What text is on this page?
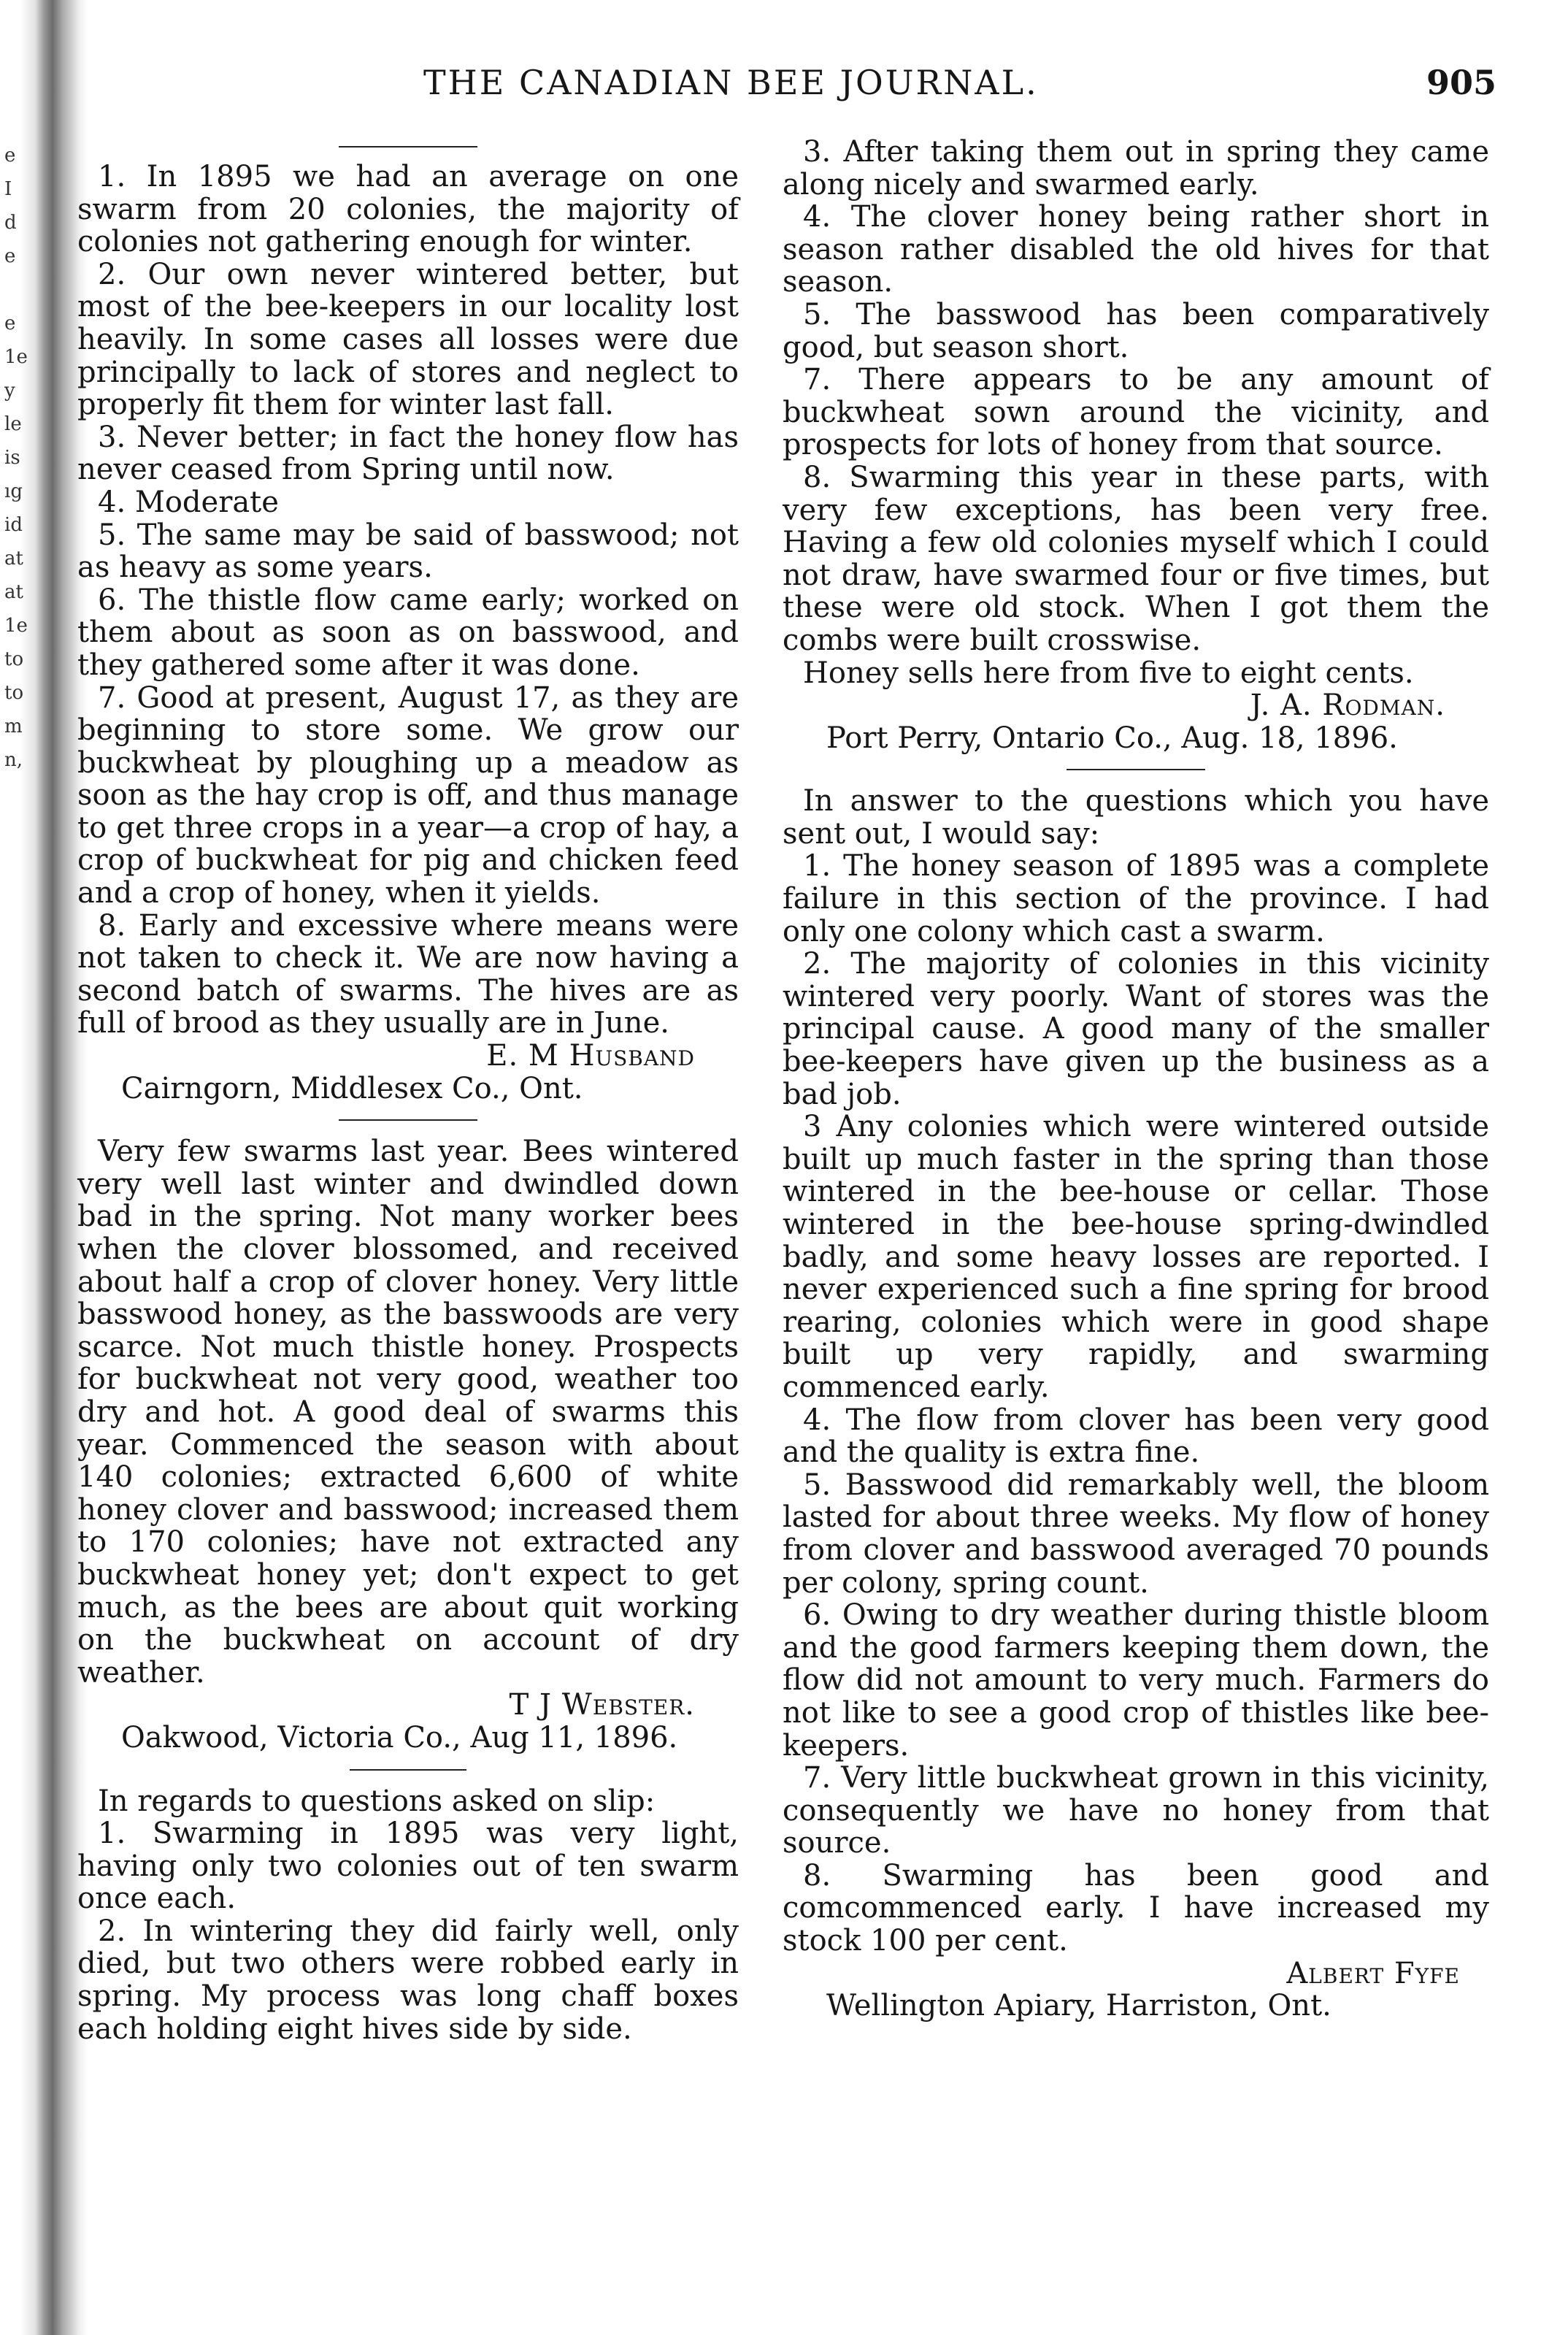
e
I
d
e

e
1e
y
le
is
ıg
id
at
at
1e
to
to
m
n,
THE CANADIAN BEE JOURNAL.	905

1. In 1895 we had an average on one swarm from 20 colonies, the majority of colonies not gathering enough for winter.

2. Our own never wintered better, but most of the bee-keepers in our locality lost heavily. In some cases all losses were due principally to lack of stores and neglect to properly fit them for winter last fall.

3. Never better; in fact the honey flow has never ceased from Spring until now.

4. Moderate

5. The same may be said of basswood; not as heavy as some years.

6. The thistle flow came early; worked on them about as soon as on basswood, and they gathered some after it was done.

7. Good at present, August 17, as they are beginning to store some. We grow our buckwheat by ploughing up a meadow as soon as the hay crop is off, and thus manage to get three crops in a year—a crop of hay, a crop of buckwheat for pig and chicken feed and a crop of honey, when it yields.

8. Early and excessive where means were not taken to check it. We are now having a second batch of swarms. The hives are as full of brood as they usually are in June.

E. M Husband

Cairngorn, Middlesex Co., Ont.

Very few swarms last year. Bees wintered very well last winter and dwindled down bad in the spring. Not many worker bees when the clover blossomed, and received about half a crop of clover honey. Very little basswood honey, as the basswoods are very scarce. Not much thistle honey. Prospects for buckwheat not very good, weather too dry and hot. A good deal of swarms this year. Commenced the season with about 140 colonies; extracted 6,600 of white honey clover and basswood; increased them to 170 colonies; have not extracted any buckwheat honey yet; don't expect to get much, as the bees are about quit working on the buckwheat on account of dry weather.

T J Webster.

Oakwood, Victoria Co., Aug 11, 1896.

In regards to questions asked on slip:

1. Swarming in 1895 was very light, having only two colonies out of ten swarm once each.

2. In wintering they did fairly well, only died, but two others were robbed early in spring. My process was long chaff boxes each holding eight hives side by side.

3. After taking them out in spring they came along nicely and swarmed early.

4. The clover honey being rather short in season rather disabled the old hives for that season.

5. The basswood has been comparatively good, but season short.

7. There appears to be any amount of buckwheat sown around the vicinity, and prospects for lots of honey from that source.

8. Swarming this year in these parts, with very few exceptions, has been very free. Having a few old colonies myself which I could not draw, have swarmed four or five times, but these were old stock. When I got them the combs were built crosswise.

Honey sells here from five to eight cents.

J. A. Rodman.

Port Perry, Ontario Co., Aug. 18, 1896.

In answer to the questions which you have sent out, I would say:

1. The honey season of 1895 was a complete failure in this section of the province. I had only one colony which cast a swarm.

2. The majority of colonies in this vicinity wintered very poorly. Want of stores was the principal cause. A good many of the smaller bee-keepers have given up the business as a bad job.

3 Any colonies which were wintered outside built up much faster in the spring than those wintered in the bee-house or cellar. Those wintered in the bee-house spring-dwindled badly, and some heavy losses are reported. I never experienced such a fine spring for brood rearing, colonies which were in good shape built up very rapidly, and swarming commenced early.

4. The flow from clover has been very good and the quality is extra fine.

5. Basswood did remarkably well, the bloom lasted for about three weeks. My flow of honey from clover and basswood averaged 70 pounds per colony, spring count.

6. Owing to dry weather during thistle bloom and the good farmers keeping them down, the flow did not amount to very much. Farmers do not like to see a good crop of thistles like bee-keepers.

7. Very little buckwheat grown in this vicinity, consequently we have no honey from that source.

8. Swarming has been good and comcommenced early. I have increased my stock 100 per cent.

Albert Fyfe

Wellington Apiary, Harriston, Ont.
